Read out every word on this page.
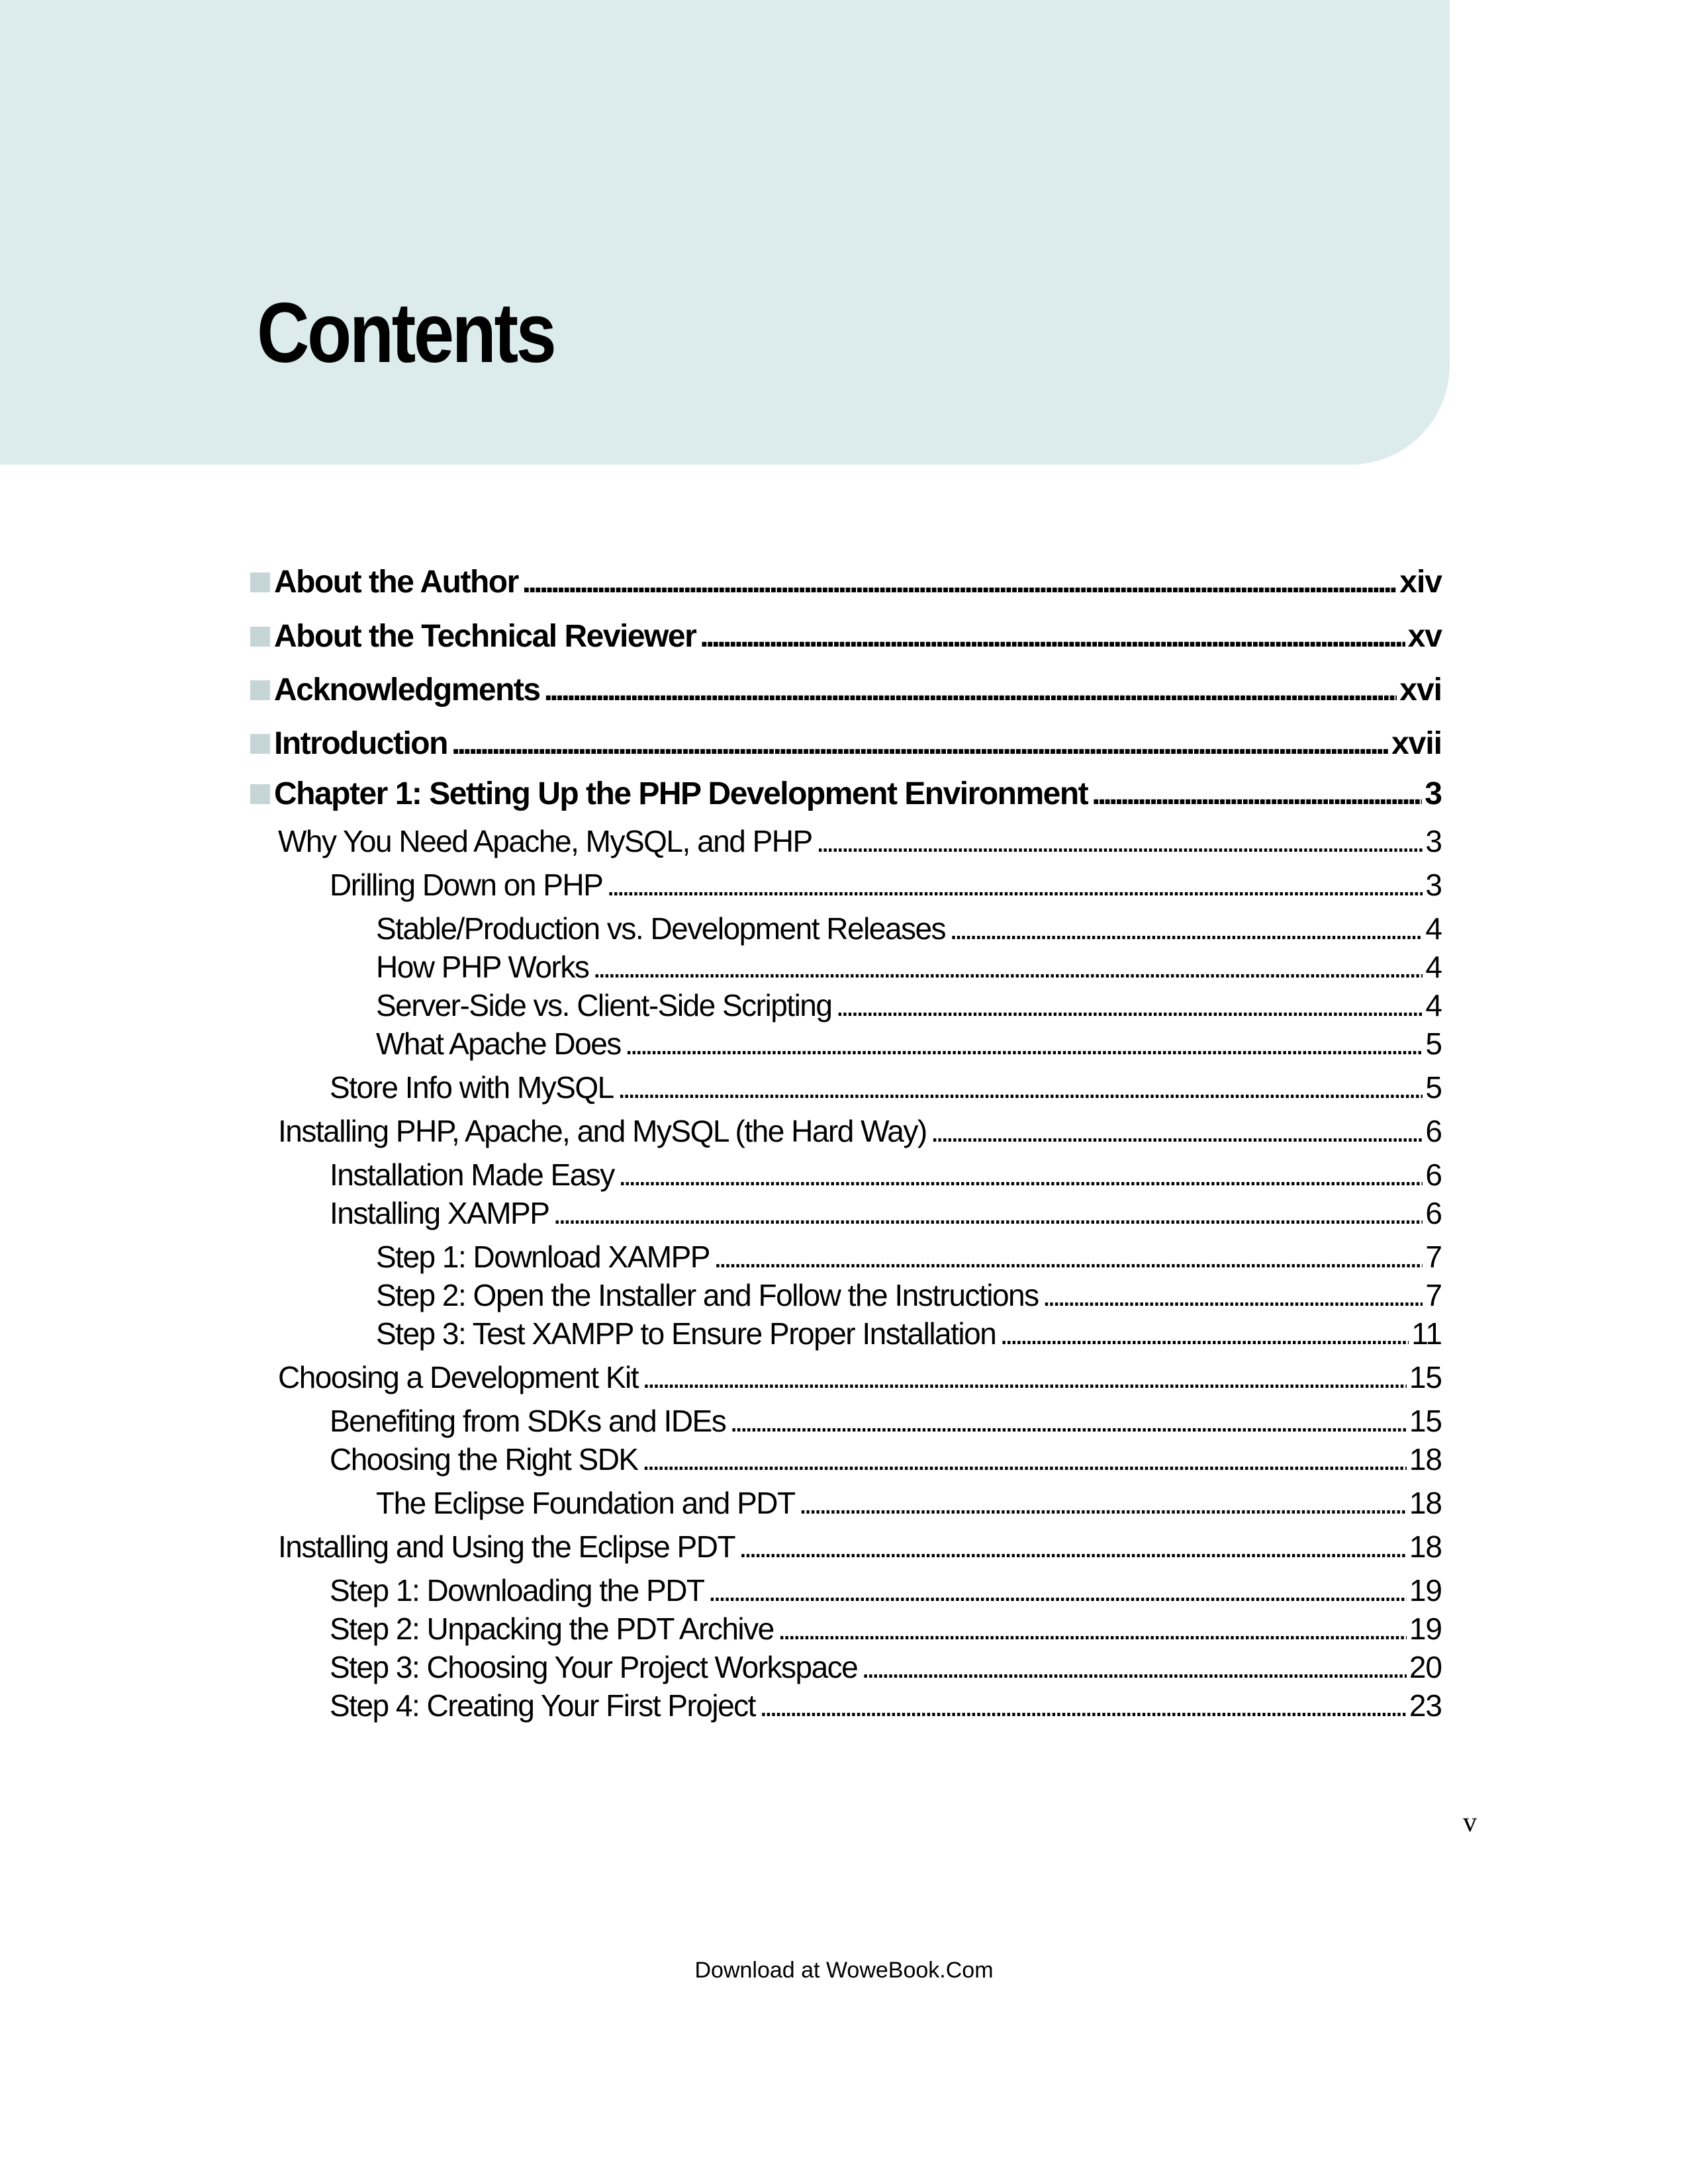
Contents
About the Author . . .	xiv
About the Technical Reviewer . . .	xv
Acknowledgments . . .	xvi
Introduction . . .	xvii
Chapter 1: Setting Up the PHP Development Environment . . .	3
Why You Need Apache, MySQL, and PHP . . .	3
Drilling Down on PHP . . .	3
Stable/Production vs. Development Releases . . .	4
How PHP Works . . .	4
Server-Side vs. Client-Side Scripting . . .	4
What Apache Does . . .	5
Store Info with MySQL . . .	5
Installing PHP, Apache, and MySQL (the Hard Way) . . .	6
Installation Made Easy . . .	6
Installing XAMPP . . .	6
Step 1: Download XAMPP . . .	7
Step 2: Open the Installer and Follow the Instructions . . .	7
Step 3: Test XAMPP to Ensure Proper Installation . . .	11
Choosing a Development Kit . . .	15
Benefiting from SDKs and IDEs . . .	15
Choosing the Right SDK . . .	18
The Eclipse Foundation and PDT . . .	18
Installing and Using the Eclipse PDT . . .	18
Step 1: Downloading the PDT . . .	19
Step 2: Unpacking the PDT Archive . . .	19
Step 3: Choosing Your Project Workspace . . .	20
Step 4: Creating Your First Project . . .	23

v

Download at WoweBook.Com
